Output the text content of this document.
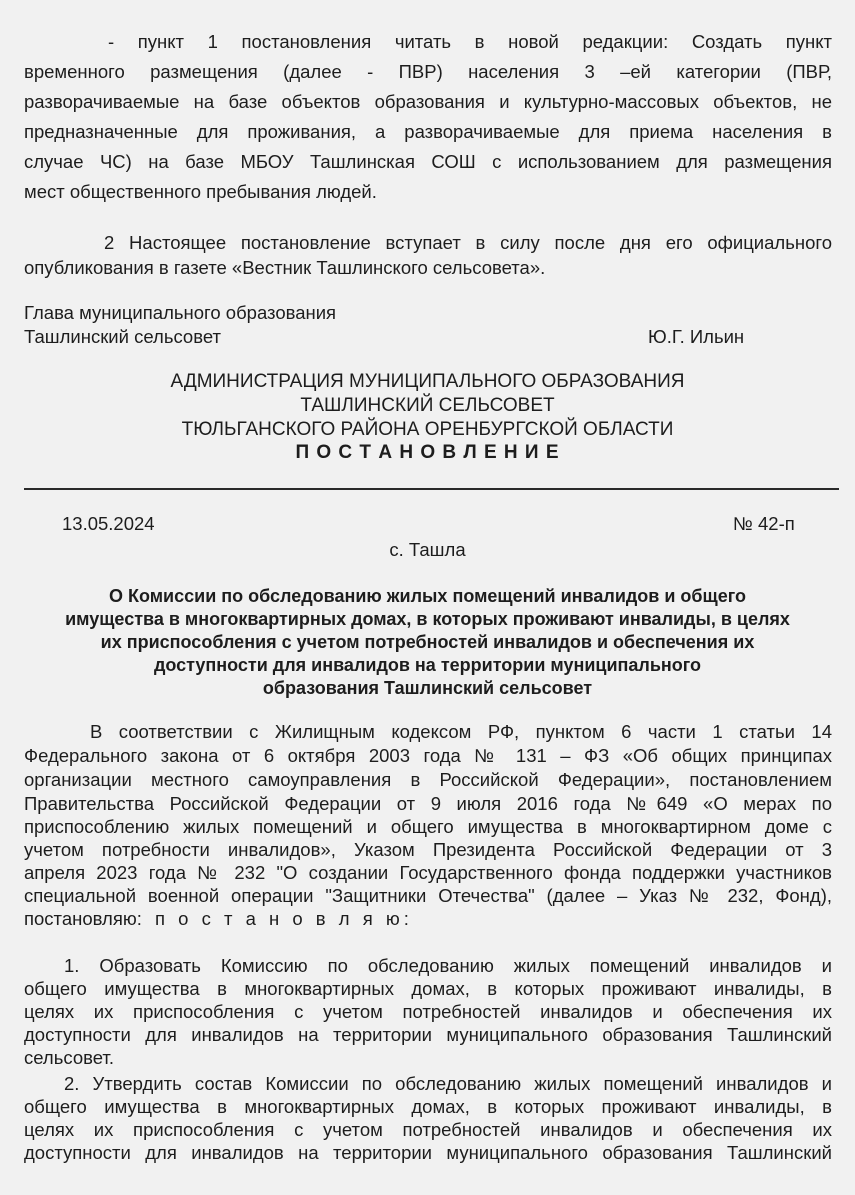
- пункт 1 постановления читать в новой редакции: Создать пункт
временного размещения (далее - ПВР) населения 3 –ей категории (ПВР,
разворачиваемые на базе объектов образования и культурно-массовых объектов, не
предназначенные для проживания, а разворачиваемые для приема населения в
случае ЧС) на базе МБОУ Ташлинская СОШ с использованием для размещения
мест общественного пребывания людей.
2 Настоящее постановление вступает в силу после дня его официального
опубликования в газете «Вестник Ташлинского сельсовета».
Глава муниципального образования
Ташлинский сельсовет	Ю.Г. Ильин
АДМИНИСТРАЦИЯ МУНИЦИПАЛЬНОГО ОБРАЗОВАНИЯ
ТАШЛИНСКИЙ СЕЛЬСОВЕТ
ТЮЛЬГАНСКОГО РАЙОНА ОРЕНБУРГСКОЙ ОБЛАСТИ
П О С Т А Н О В Л Е Н И Е
13.05.2024	№ 42-п
с. Ташла
О Комиссии по обследованию жилых помещений инвалидов и общего
имущества в многоквартирных домах, в которых проживают инвалиды, в целях
их приспособления с учетом потребностей инвалидов и обеспечения их
доступности для инвалидов на территории муниципального
образования Ташлинский сельсовет
В соответствии с Жилищным кодексом РФ, пунктом 6 части 1 статьи 14
Федерального закона от 6 октября 2003 года № 131 – ФЗ «Об общих принципах
организации местного самоуправления в Российской Федерации», постановлением
Правительства Российской Федерации от 9 июля 2016 года №649 «О мерах по
приспособлению жилых помещений и общего имущества в многоквартирном доме с
учетом потребности инвалидов», Указом Президента Российской Федерации от 3
апреля 2023 года № 232 "О создании Государственного фонда поддержки участников
специальной военной операции "Защитники Отечества" (далее – Указ № 232, Фонд),
постановляю: п о с т а н о в л я ю:
1. Образовать Комиссию по обследованию жилых помещений инвалидов и
общего имущества в многоквартирных домах, в которых проживают инвалиды, в
целях их приспособления с учетом потребностей инвалидов и обеспечения их
доступности для инвалидов на территории муниципального образования Ташлинский
сельсовет.
2. Утвердить состав Комиссии по обследованию жилых помещений инвалидов и
общего имущества в многоквартирных домах, в которых проживают инвалиды, в
целях их приспособления с учетом потребностей инвалидов и обеспечения их
доступности для инвалидов на территории муниципального образования Ташлинский
